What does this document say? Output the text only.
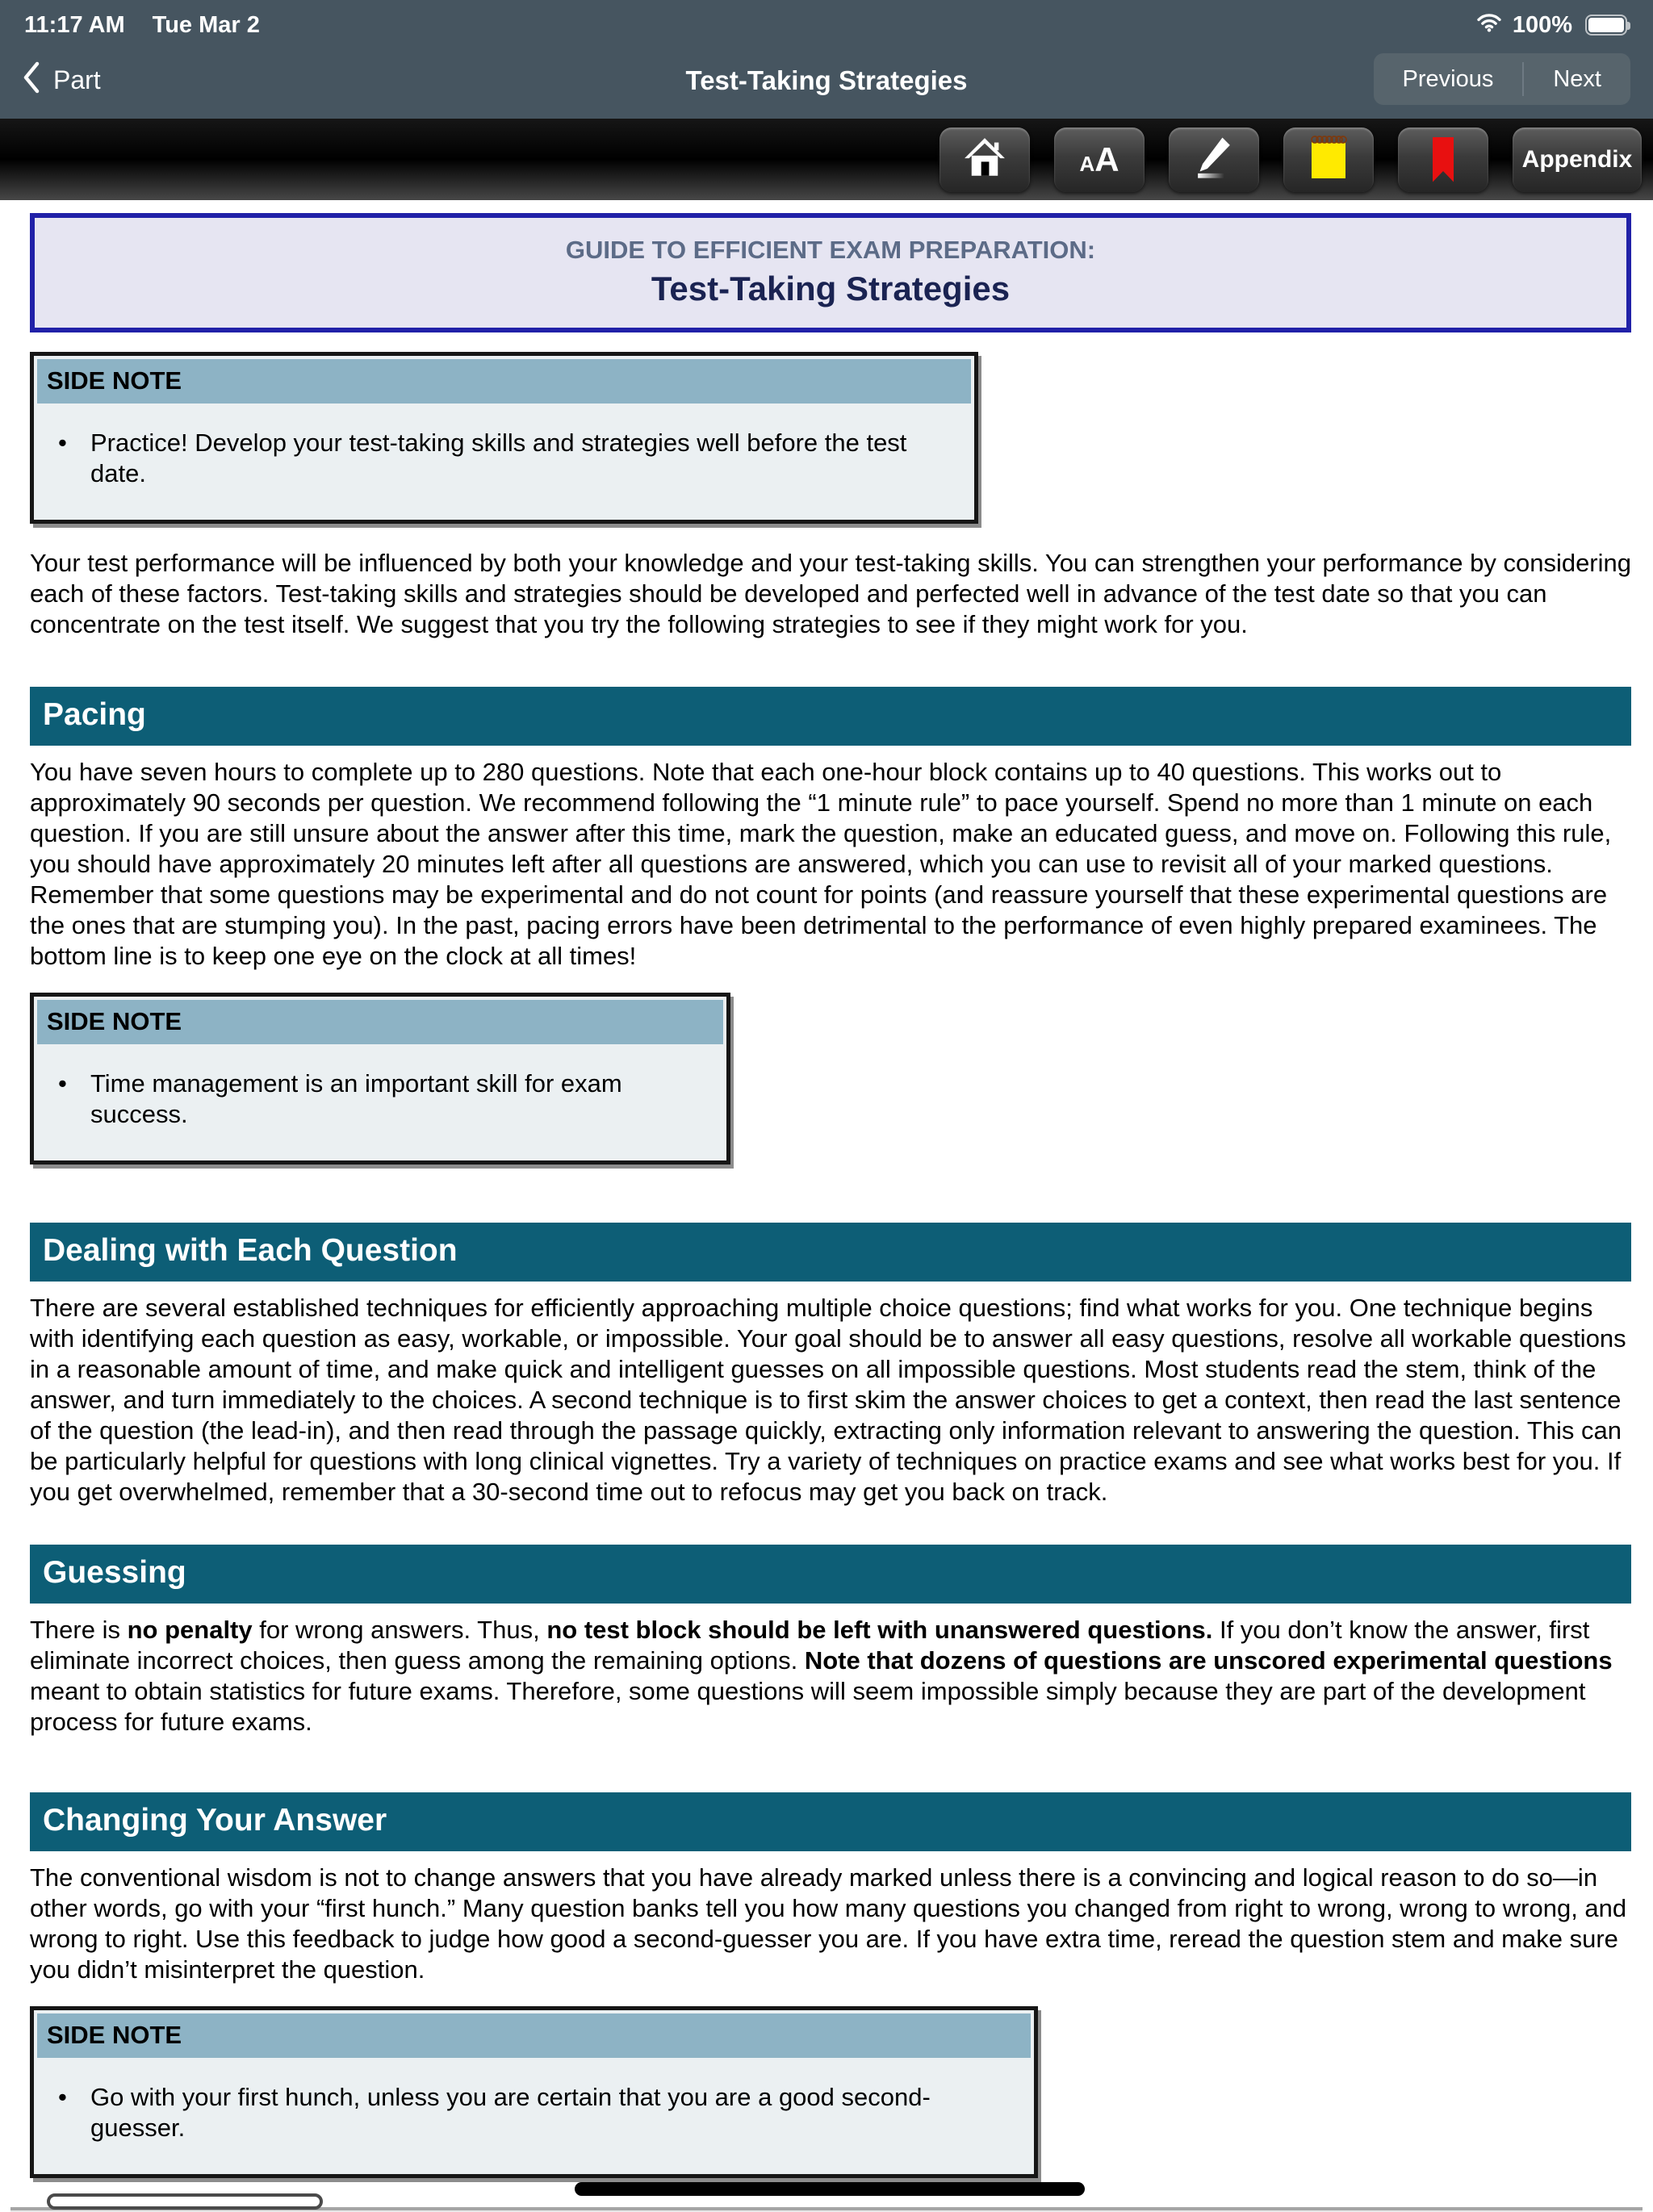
11:17 AM Tue Mar 2	100%
Part	Test-Taking Strategies	Previous	Next
AA	Appendix
GUIDE TO EFFICIENT EXAM PREPARATION:
Test-Taking Strategies
SIDE NOTE
•
Practice! Develop your test-taking skills and strategies well before the test date.

Your test performance will be influenced by both your knowledge and your test-taking skills. You can strengthen your performance by considering each of these factors. Test-taking skills and strategies should be developed and perfected well in advance of the test date so that you can concentrate on the test itself. We suggest that you try the following strategies to see if they might work for you.

Pacing

You have seven hours to complete up to 280 questions. Note that each one-hour block contains up to 40 questions. This works out to approximately 90 seconds per question. We recommend following the “1 minute rule” to pace yourself. Spend no more than 1 minute on each question. If you are still unsure about the answer after this time, mark the question, make an educated guess, and move on. Following this rule, you should have approximately 20 minutes left after all questions are answered, which you can use to revisit all of your marked questions. Remember that some questions may be experimental and do not count for points (and reassure yourself that these experimental questions are the ones that are stumping you). In the past, pacing errors have been detrimental to the performance of even highly prepared examinees. The bottom line is to keep one eye on the clock at all times!

SIDE NOTE
•
Time management is an important skill for exam success.
Dealing with Each Question

There are several established techniques for efficiently approaching multiple choice questions; find what works for you. One technique begins with identifying each question as easy, workable, or impossible. Your goal should be to answer all easy questions, resolve all workable questions in a reasonable amount of time, and make quick and intelligent guesses on all impossible questions. Most students read the stem, think of the answer, and turn immediately to the choices. A second technique is to first skim the answer choices to get a context, then read the last sentence of the question (the lead-in), and then read through the passage quickly, extracting only information relevant to answering the question. This can be particularly helpful for questions with long clinical vignettes. Try a variety of techniques on practice exams and see what works best for you. If you get overwhelmed, remember that a 30-second time out to refocus may get you back on track.

Guessing

There is no penalty for wrong answers. Thus, no test block should be left with unanswered questions. If you don’t know the answer, first eliminate incorrect choices, then guess among the remaining options. Note that dozens of questions are unscored experimental questions meant to obtain statistics for future exams. Therefore, some questions will seem impossible simply because they are part of the development process for future exams.

Changing Your Answer

The conventional wisdom is not to change answers that you have already marked unless there is a convincing and logical reason to do so—in other words, go with your “first hunch.” Many question banks tell you how many questions you changed from right to wrong, wrong to wrong, and wrong to right. Use this feedback to judge how good a second-guesser you are. If you have extra time, reread the question stem and make sure you didn’t misinterpret the question.

SIDE NOTE
•
Go with your first hunch, unless you are certain that you are a good second-guesser.
